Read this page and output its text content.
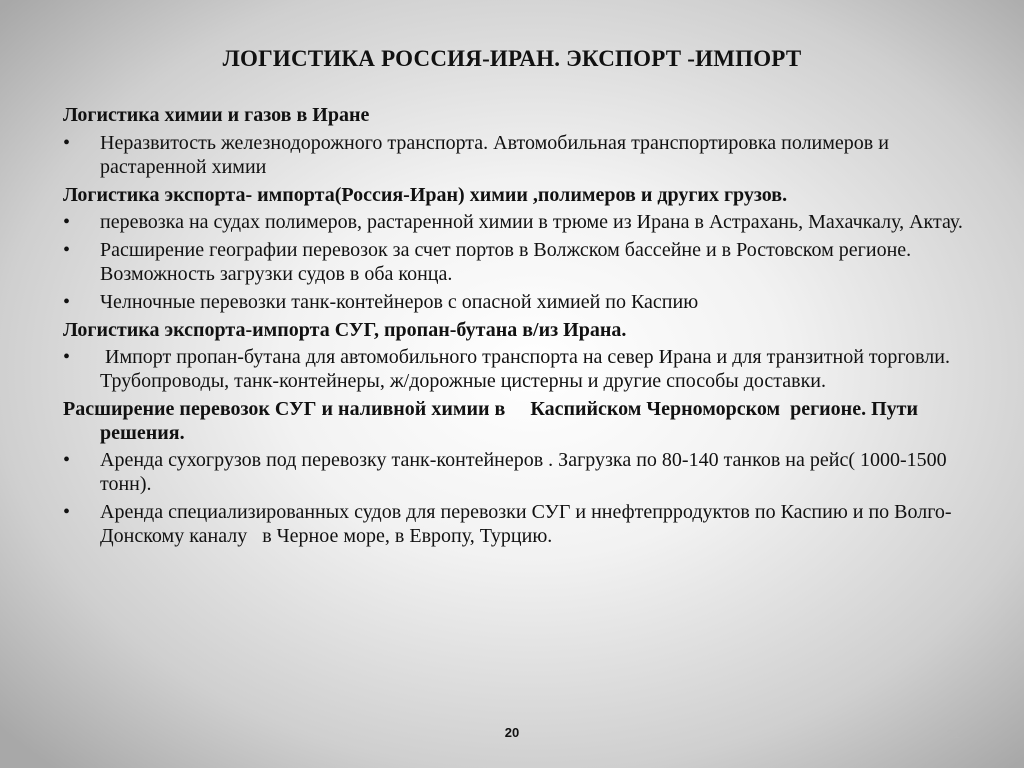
ЛОГИСТИКА РОССИЯ-ИРАН. ЭКСПОРТ -ИМПОРТ

Логистика химии и газов в Иране

• Неразвитость железнодорожного транспорта. Автомобильная транспортировка полимеров и растаренной химии

Логистика экспорта- импорта(Россия-Иран) химии ,полимеров и других грузов.

• перевозка на судах полимеров, растаренной химии в трюме из Ирана в Астрахань, Махачкалу, Актау.
• Расширение географии перевозок за счет портов в Волжском бассейне и в Ростовском регионе. Возможность загрузки судов в оба конца.
• Челночные перевозки танк-контейнеров с опасной химией по Каспию

Логистика экспорта-импорта СУГ, пропан-бутана в/из Ирана.

• Импорт пропан-бутана для автомобильного транспорта на север Ирана и для транзитной торговли. Трубопроводы, танк-контейнеры, ж/дорожные цистерны и другие способы доставки.

Расширение перевозок СУГ и наливной химии в     Каспийском Черноморском  регионе. Пути решения.

• Аренда сухогрузов под перевозку танк-контейнеров . Загрузка по 80-140 танков на рейс( 1000-1500 тонн).
• Аренда специализированных судов для перевозки СУГ и ннефтепрродуктов по Каспию и по Волго-Донскому каналу   в Черное море, в Европу, Турцию.
20	21
